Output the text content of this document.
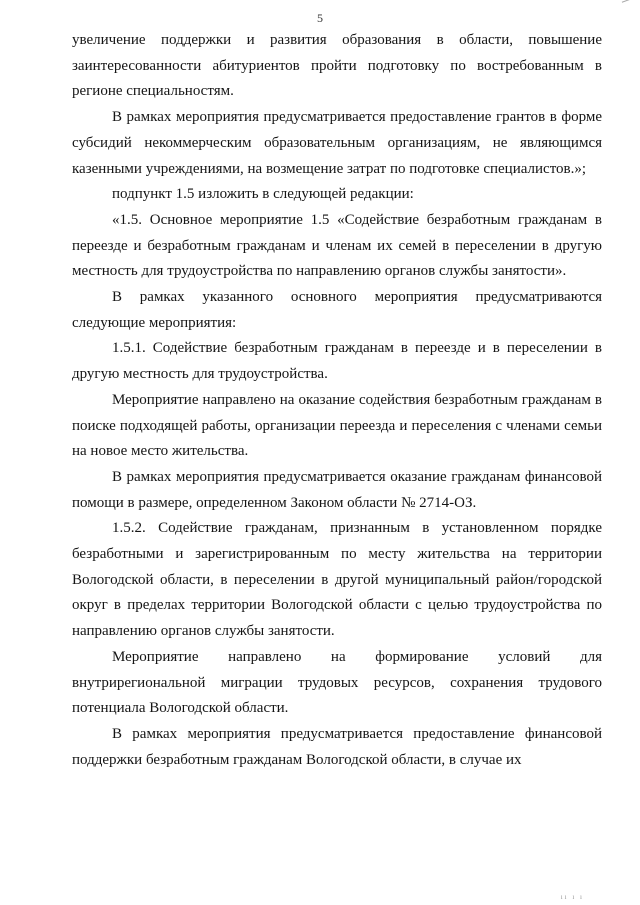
5

увеличение поддержки и развития образования в области, повышение заинтересованности абитуриентов пройти подготовку по востребованным в регионе специальностям.

В рамках мероприятия предусматривается предоставление грантов в форме субсидий некоммерческим образовательным организациям, не являющимся казенными учреждениями, на возмещение затрат по подготовке специалистов.»;

подпункт 1.5 изложить в следующей редакции:

«1.5. Основное мероприятие 1.5 «Содействие безработным гражданам в переезде и безработным гражданам и членам их семей в переселении в другую местность для трудоустройства по направлению органов службы занятости».

В рамках указанного основного мероприятия предусматриваются следующие мероприятия:

1.5.1. Содействие безработным гражданам в переезде и в переселении в другую местность для трудоустройства.

Мероприятие направлено на оказание содействия безработным гражданам в поиске подходящей работы, организации переезда и переселения с членами семьи на новое место жительства.

В рамках мероприятия предусматривается оказание гражданам финансовой помощи в размере, определенном Законом области № 2714-ОЗ.

1.5.2. Содействие гражданам, признанным в установленном порядке безработными и зарегистрированным по месту жительства на территории Вологодской области, в переселении в другой муниципальный район/городской округ в пределах территории Вологодской области с целью трудоустройства по направлению органов службы занятости.

Мероприятие направлено на формирование условий для внутрирегиональной миграции трудовых ресурсов, сохранения трудового потенциала Вологодской области.

В рамках мероприятия предусматривается предоставление финансовой поддержки безработным гражданам Вологодской области, в случае их

ıı ı ı
